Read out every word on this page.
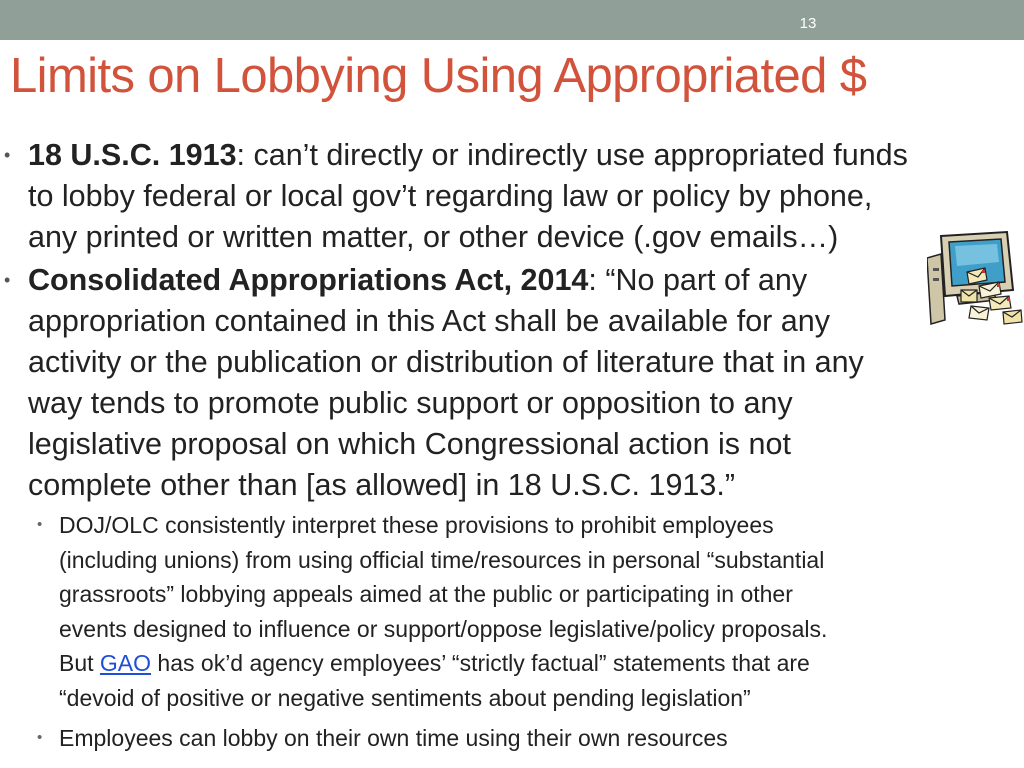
13
Limits on Lobbying Using Appropriated $
• 18 U.S.C. 1913: can’t directly or indirectly use appropriated funds
to lobby federal or local gov’t regarding law or policy by phone,
any printed or written matter, or other device (.gov emails…)
• Consolidated Appropriations Act, 2014: “No part of any
appropriation contained in this Act shall be available for any
activity or the publication or distribution of literature that in any
way tends to promote public support or opposition to any
legislative proposal on which Congressional action is not
complete other than [as allowed] in 18 U.S.C. 1913.”
• DOJ/OLC consistently interpret these provisions to prohibit employees
(including unions) from using official time/resources in personal “substantial
grassroots” lobbying appeals aimed at the public or participating in other
events designed to influence or support/oppose legislative/policy proposals.
But GAO has ok’d agency employees’ “strictly factual” statements that are
“devoid of positive or negative sentiments about pending legislation”
• Employees can lobby on their own time using their own resources
